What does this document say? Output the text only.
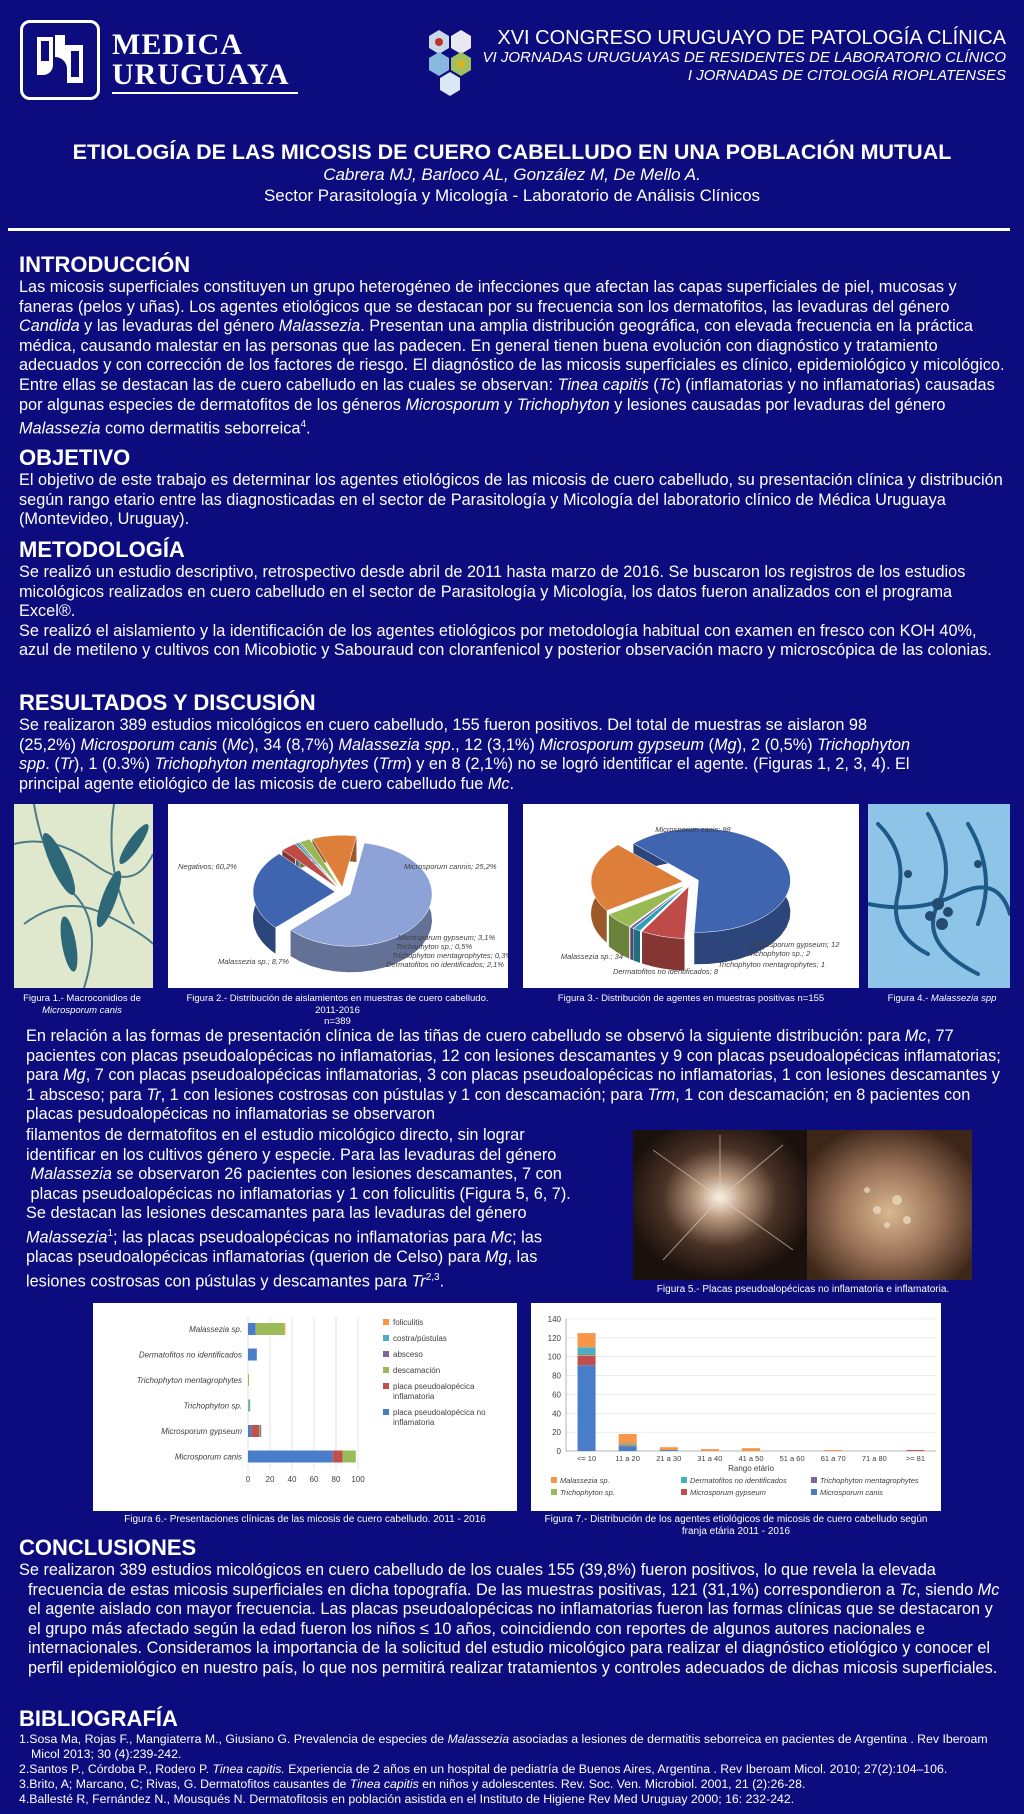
MEDICA
URUGUAYA
XVI CONGRESO URUGUAYO DE PATOLOGÍA CLÍNICA
VI JORNADAS URUGUAYAS DE RESIDENTES DE LABORATORIO CLÍNICO
I JORNADAS DE CITOLOGÍA RIOPLATENSES
ETIOLOGÍA DE LAS MICOSIS DE CUERO CABELLUDO EN UNA POBLACIÓN MUTUAL
Cabrera MJ, Barloco AL, González M, De Mello A.
Sector Parasitología y Micología - Laboratorio de Análisis Clínicos
INTRODUCCIÓN
Las micosis superficiales constituyen un grupo heterogéneo de infecciones que afectan las capas superficiales de piel, mucosas y faneras (pelos y uñas). Los agentes etiológicos que se destacan por su frecuencia son los dermatofitos, las levaduras del género Candida y las levaduras del género Malassezia. Presentan una amplia distribución geográfica, con elevada frecuencia en la práctica médica, causando malestar en las personas que las padecen. En general tienen buena evolución con diagnóstico y tratamiento adecuados y con corrección de los factores de riesgo. El diagnóstico de las micosis superficiales es clínico, epidemiológico y micológico. Entre ellas se destacan las de cuero cabelludo en las cuales se observan: Tinea capitis (Tc) (inflamatorias y no inflamatorias) causadas por algunas especies de dermatofitos de los géneros Microsporum y Trichophyton y lesiones causadas por levaduras del género Malassezia como dermatitis seborreica$^4$.
OBJETIVO
El objetivo de este trabajo es determinar los agentes etiológicos de las micosis de cuero cabelludo, su presentación clínica y distribución según rango etario entre las diagnosticadas en el sector de Parasitología y Micología del laboratorio clínico de Médica Uruguaya (Montevideo, Uruguay).
METODOLOGÍA
Se realizó un estudio descriptivo, retrospectivo desde abril de 2011 hasta marzo de 2016. Se buscaron los registros de los estudios micológicos realizados en cuero cabelludo en el sector de Parasitología y Micología, los datos fueron analizados con el programa Excel®.
Se realizó el aislamiento y la identificación de los agentes etiológicos por metodología habitual con examen en fresco con KOH 40%, azul de metileno y cultivos con Micobiotic y Sabouraud con cloranfenicol y posterior observación macro y microscópica de las colonias.
RESULTADOS Y DISCUSIÓN
Se realizaron 389 estudios micológicos en cuero cabelludo, 155 fueron positivos. Del total de muestras se aislaron 98 (25,2%) Microsporum canis (Mc), 34 (8,7%) Malassezia spp., 12 (3,1%) Microsporum gypseum (Mg), 2 (0,5%) Trichophyton spp. (Tr), 1 (0.3%) Trichophyton mentagrophytes (Trm) y en 8 (2,1%) no se logró identificar el agente. (Figuras 1, 2, 3, 4). El principal agente etiológico de las micosis de cuero cabelludo fue Mc.
Negativos; 60,2%	Microsporum cannis; 25,2%
Microsporum gypseum; 3,1%
Trichophyton sp.; 0,5%
Trichophyton mentagrophytes; 0,3%
Dermatofitos no identificados; 2,1%
Malassezia sp.; 8,7%
Microsporum canis; 98
Microsporum gypseum; 12
Trichophyton sp.; 2
Trichophyton mentagrophytes; 1
Dermatofitos no identificados; 8
Malassezia sp.; 34
Figura 1.- Macroconidios de
Microsporum canis
Figura 2.- Distribución de aislamientos en muestras de cuero cabelludo.
2011-2016
n=389
Figura 3.- Distribución de agentes en muestras positivas n=155	Figura 4.- Malassezia spp
En relación a las formas de presentación clínica de las tiñas de cuero cabelludo se observó la siguiente distribución: para Mc, 77 pacientes con placas pseudoalopécicas no inflamatorias, 12 con lesiones descamantes y 9 con placas pseudoalopécicas inflamatorias; para Mg, 7 con placas pseudoalopécicas inflamatorias, 3 con placas pseudoalopécicas no inflamatorias, 1 con lesiones descamantes y 1 absceso; para Tr, 1 con lesiones costrosas con pústulas y 1 con descamación; para Trm, 1 con descamación; en 8 pacientes con placas pesudoalopécicas no inflamatorias se observaron
filamentos de dermatofitos en el estudio micológico directo, sin lograr
identificar en los cultivos género y especie. Para las levaduras del género
Malassezia se observaron 26 pacientes con lesiones descamantes, 7 con
placas pseudoalopécicas no inflamatorias y 1 con foliculitis (Figura 5, 6, 7).
Se destacan las lesiones descamantes para las levaduras del género
Malassezia$^1$; las placas pseudoalopécicas no inflamatorias para Mc; las
placas pseudoalopécicas inflamatorias (querion de Celso) para Mg, las
lesiones costrosas con pústulas y descamantes para Tr$^{2,3}$.	Figura 5.- Placas pseudoalopécicas no inflamatoria e inflamatoria.
0 20 40 60 80 100
Malassezia sp.
Dermatofitos no identificados
Trichophyton mentagrophytes
Trichophyton sp.
Microsporum gypseum
Microsporum canis
foliculitis
costra/pústulas
absceso
descamación
placa pseudoalopécica
inflamatoria
placa pseudoalopécica no
inflamatoria
Figura 6.- Presentaciones clínicas de las micosis de cuero cabelludo. 2011 - 2016
0
20
40
60
80
100
120
140
<= 10	11 a 20 21 a 30 31 a 40 41 a 50 51 a 60 61 a 70 71 a 80	>= 81
Rango etário
Malassezia sp.	Dermatofitos no identificados	Trichophyton mentagrophytes
Trichophyton sp.	Microsporum gypseum	Microsporum canis
Figura 7.- Distribución de los agentes etiológicos de micosis de cuero cabelludo según
franja etária 2011 - 2016
CONCLUSIONES
Se realizaron 389 estudios micológicos en cuero cabelludo de los cuales 155 (39,8%) fueron positivos, lo que revela la elevada frecuencia de estas micosis superficiales en dicha topografía. De las muestras positivas, 121 (31,1%) correspondieron a Tc, siendo Mc el agente aislado con mayor frecuencia. Las placas pseudoalopécicas no inflamatorias fueron las formas clínicas que se destacaron y el grupo más afectado según la edad fueron los niños ≤ 10 años, coincidiendo con reportes de algunos autores nacionales e internacionales. Consideramos la importancia de la solicitud del estudio micológico para realizar el diagnóstico etiológico y conocer el perfil epidemiológico en nuestro país, lo que nos permitirá realizar tratamientos y controles adecuados de dichas micosis superficiales.
BIBLIOGRAFÍA
1.Sosa Ma, Rojas F., Mangiaterra M., Giusiano G. Prevalencia de especies de Malassezia asociadas a lesiones de dermatitis seborreica en pacientes de Argentina . Rev Iberoam Micol 2013; 30 (4):239-242.
2.Santos P., Córdoba P., Rodero P. Tinea capitis. Experiencia de 2 años en un hospital de pediatría de Buenos Aires, Argentina . Rev Iberoam Micol. 2010; 27(2):104–106.
3.Brito, A; Marcano, C; Rivas, G. Dermatofitos causantes de Tinea capitis en niños y adolescentes. Rev. Soc. Ven. Microbiol. 2001, 21 (2):26-28.
4.Ballesté R, Fernández N., Mousqués N. Dermatofitosis en población asistida en el Instituto de Higiene Rev Med Uruguay 2000; 16: 232-242.
